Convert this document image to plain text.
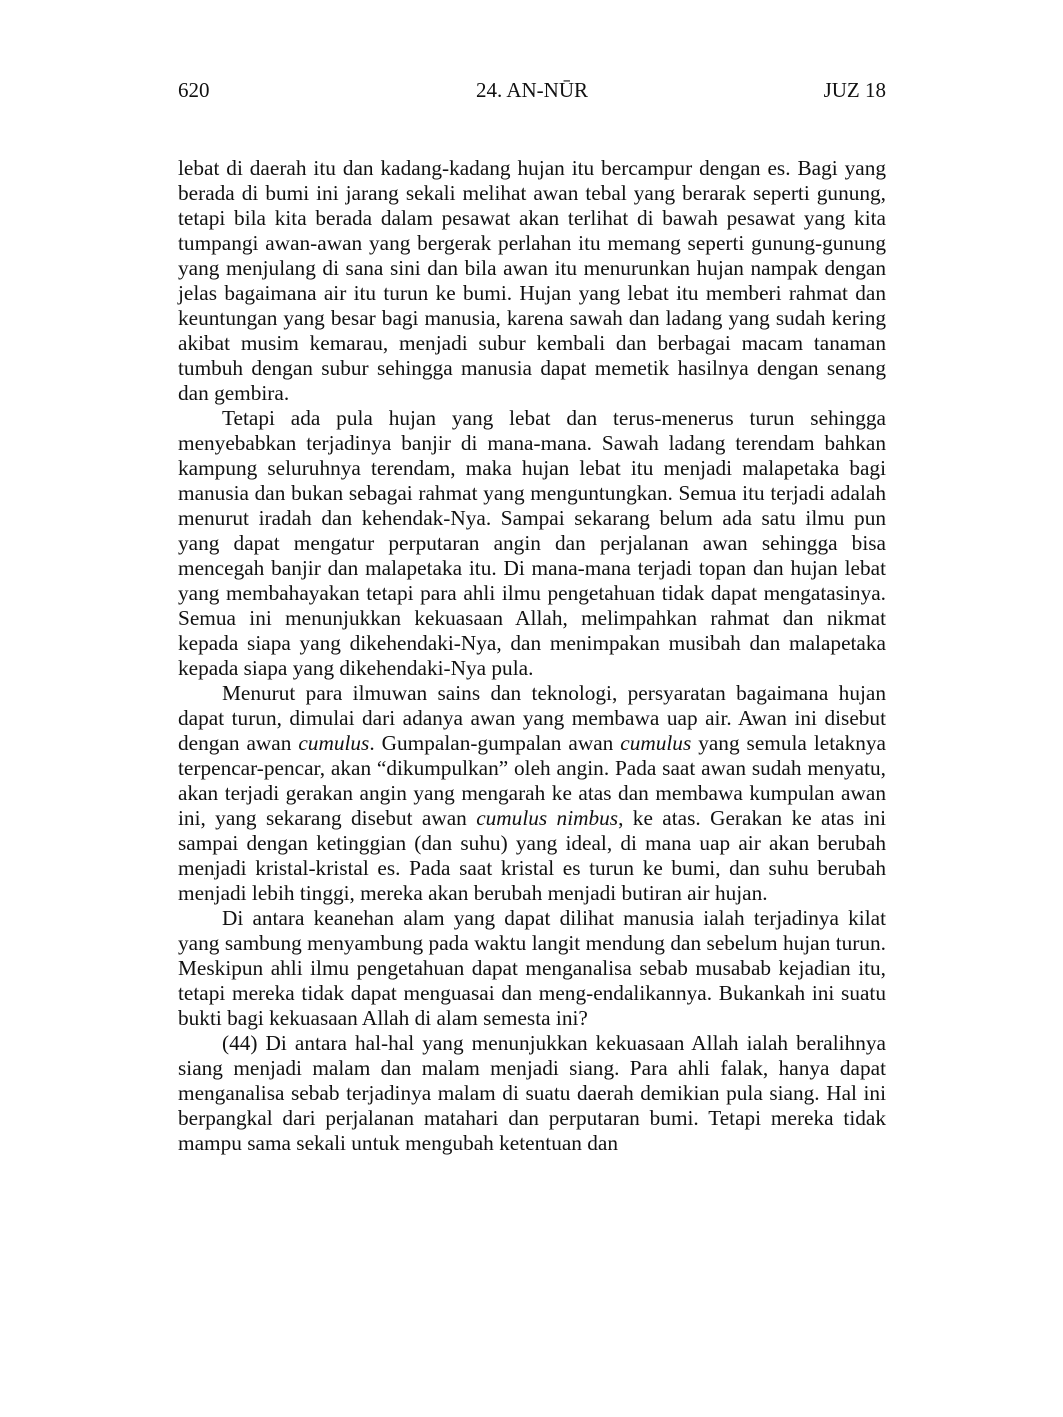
620	24. AN-NŪR	JUZ 18

lebat di daerah itu dan kadang-kadang hujan itu bercampur dengan es. Bagi yang berada di bumi ini jarang sekali melihat awan tebal yang berarak seperti gunung, tetapi bila kita berada dalam pesawat akan terlihat di bawah pesawat yang kita tumpangi awan-awan yang bergerak perlahan itu memang seperti gunung-gunung yang menjulang di sana sini dan bila awan itu menurunkan hujan nampak dengan jelas bagaimana air itu turun ke bumi. Hujan yang lebat itu memberi rahmat dan keuntungan yang besar bagi manusia, karena sawah dan ladang yang sudah kering akibat musim kemarau, menjadi subur kembali dan berbagai macam tanaman tumbuh dengan subur sehingga manusia dapat memetik hasilnya dengan senang dan gembira.

Tetapi ada pula hujan yang lebat dan terus-menerus turun sehingga menyebabkan terjadinya banjir di mana-mana. Sawah ladang terendam bahkan kampung seluruhnya terendam, maka hujan lebat itu menjadi malapetaka bagi manusia dan bukan sebagai rahmat yang menguntungkan. Semua itu terjadi adalah menurut iradah dan kehendak-Nya. Sampai sekarang belum ada satu ilmu pun yang dapat mengatur perputaran angin dan perjalanan awan sehingga bisa mencegah banjir dan malapetaka itu. Di mana-mana terjadi topan dan hujan lebat yang membahayakan tetapi para ahli ilmu pengetahuan tidak dapat mengatasinya. Semua ini menunjukkan kekuasaan Allah, melimpahkan rahmat dan nikmat kepada siapa yang dikehendaki-Nya, dan menimpakan musibah dan malapetaka kepada siapa yang dikehendaki-Nya pula.

Menurut para ilmuwan sains dan teknologi, persyaratan bagaimana hujan dapat turun, dimulai dari adanya awan yang membawa uap air. Awan ini disebut dengan awan cumulus. Gumpalan-gumpalan awan cumulus yang semula letaknya terpencar-pencar, akan “dikumpulkan” oleh angin. Pada saat awan sudah menyatu, akan terjadi gerakan angin yang mengarah ke atas dan membawa kumpulan awan ini, yang sekarang disebut awan cumulus nimbus, ke atas. Gerakan ke atas ini sampai dengan ketinggian (dan suhu) yang ideal, di mana uap air akan berubah menjadi kristal-kristal es. Pada saat kristal es turun ke bumi, dan suhu berubah menjadi lebih tinggi, mereka akan berubah menjadi butiran air hujan.

Di antara keanehan alam yang dapat dilihat manusia ialah terjadinya kilat yang sambung menyambung pada waktu langit mendung dan sebelum hujan turun. Meskipun ahli ilmu pengetahuan dapat menganalisa sebab musabab kejadian itu, tetapi mereka tidak dapat menguasai dan meng-endalikannya. Bukankah ini suatu bukti bagi kekuasaan Allah di alam semesta ini?

(44) Di antara hal-hal yang menunjukkan kekuasaan Allah ialah beralihnya siang menjadi malam dan malam menjadi siang. Para ahli falak, hanya dapat menganalisa sebab terjadinya malam di suatu daerah demikian pula siang. Hal ini berpangkal dari perjalanan matahari dan perputaran bumi. Tetapi mereka tidak mampu sama sekali untuk mengubah ketentuan dan
